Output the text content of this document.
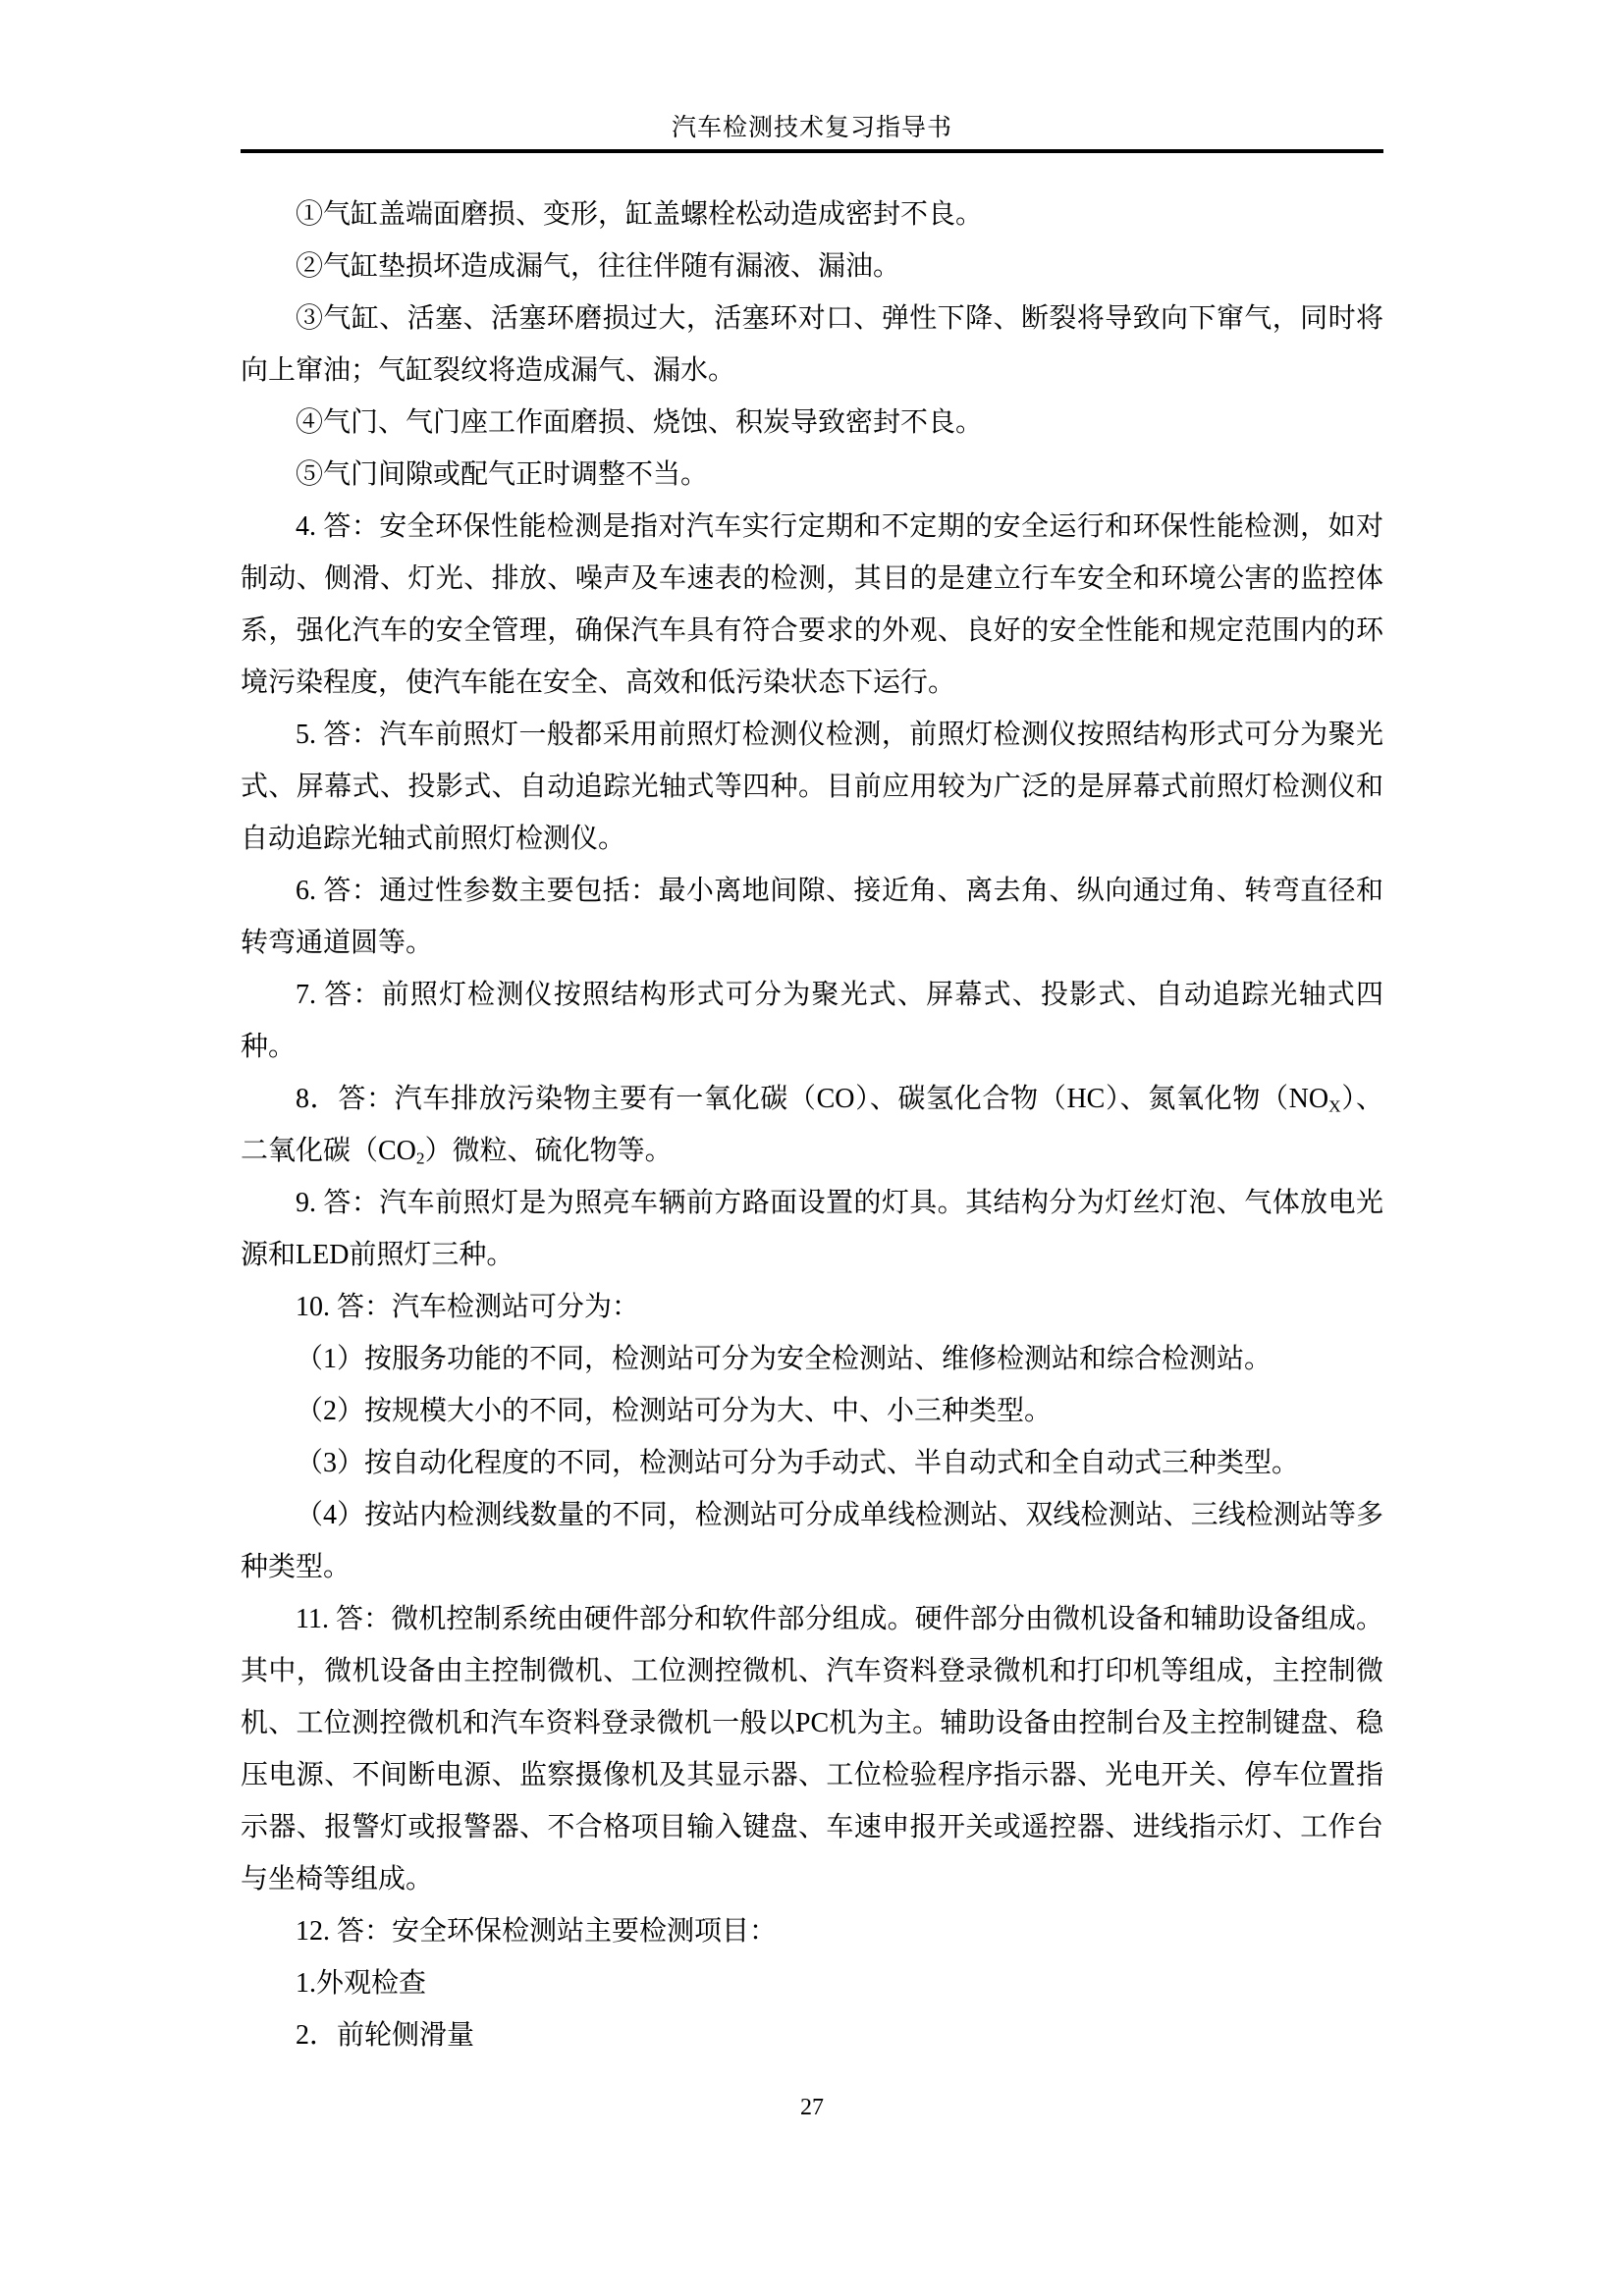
汽车检测技术复习指导书

①气缸盖端面磨损、变形，缸盖螺栓松动造成密封不良。

②气缸垫损坏造成漏气，往往伴随有漏液、漏油。

③气缸、活塞、活塞环磨损过大，活塞环对口、弹性下降、断裂将导致向下窜气，同时将向上窜油；气缸裂纹将造成漏气、漏水。

④气门、气门座工作面磨损、烧蚀、积炭导致密封不良。

⑤气门间隙或配气正时调整不当。

4. 答：安全环保性能检测是指对汽车实行定期和不定期的安全运行和环保性能检测，如对制动、侧滑、灯光、排放、噪声及车速表的检测，其目的是建立行车安全和环境公害的监控体系，强化汽车的安全管理，确保汽车具有符合要求的外观、良好的安全性能和规定范围内的环境污染程度，使汽车能在安全、高效和低污染状态下运行。

5. 答：汽车前照灯一般都采用前照灯检测仪检测，前照灯检测仪按照结构形式可分为聚光式、屏幕式、投影式、自动追踪光轴式等四种。目前应用较为广泛的是屏幕式前照灯检测仪和自动追踪光轴式前照灯检测仪。

6. 答：通过性参数主要包括：最小离地间隙、接近角、离去角、纵向通过角、转弯直径和转弯通道圆等。

7. 答：前照灯检测仪按照结构形式可分为聚光式、屏幕式、投影式、自动追踪光轴式四种。

8．答：汽车排放污染物主要有一氧化碳（CO）、碳氢化合物（HC）、氮氧化物$(NO_X)$、二氧化碳$(CO_2)$微粒、硫化物等。

9. 答：汽车前照灯是为照亮车辆前方路面设置的灯具。其结构分为灯丝灯泡、气体放电光源和LED前照灯三种。

10. 答：汽车检测站可分为：

（1）按服务功能的不同，检测站可分为安全检测站、维修检测站和综合检测站。

（2）按规模大小的不同，检测站可分为大、中、小三种类型。

（3）按自动化程度的不同，检测站可分为手动式、半自动式和全自动式三种类型。

（4）按站内检测线数量的不同，检测站可分成单线检测站、双线检测站、三线检测站等多种类型。

11. 答：微机控制系统由硬件部分和软件部分组成。硬件部分由微机设备和辅助设备组成。其中，微机设备由主控制微机、工位测控微机、汽车资料登录微机和打印机等组成，主控制微机、工位测控微机和汽车资料登录微机一般以PC机为主。辅助设备由控制台及主控制键盘、稳压电源、不间断电源、监察摄像机及其显示器、工位检验程序指示器、光电开关、停车位置指示器、报警灯或报警器、不合格项目输入键盘、车速申报开关或遥控器、进线指示灯、工作台与坐椅等组成。

12. 答：安全环保检测站主要检测项目：

1.外观检查

2．前轮侧滑量

27
